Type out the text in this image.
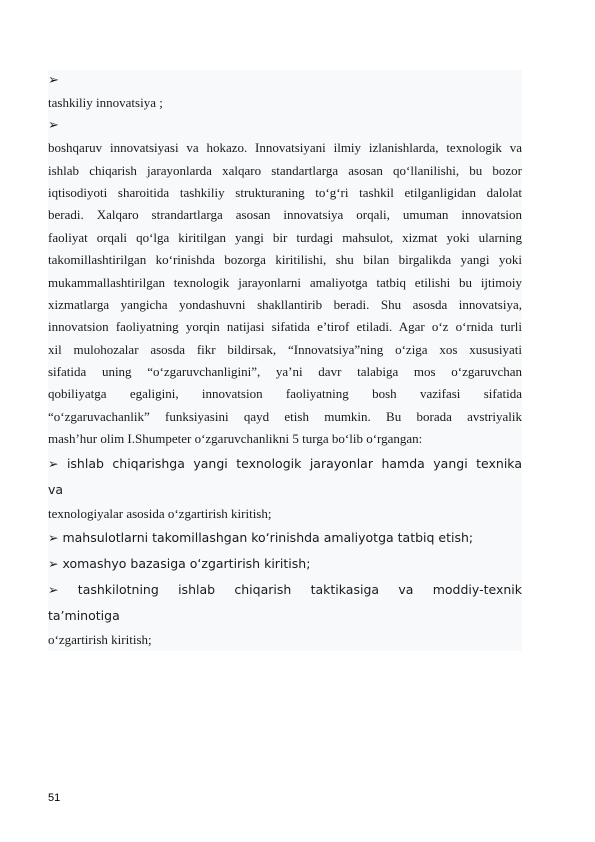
➢
tashkiliy innovatsiya ;
➢
boshqaruv innovatsiyasi va hokazo. Innovatsiyani ilmiy izlanishlarda, texnologik va
ishlab chiqarish jarayonlarda xalqaro standartlarga asosan qo‘llanilishi, bu bozor
iqtisodiyoti sharoitida tashkiliy strukturaning to‘g‘ri tashkil etilganligidan dalolat
beradi. Xalqaro strandartlarga asosan innovatsiya orqali, umuman innovatsion
faoliyat orqali qo‘lga kiritilgan yangi bir turdagi mahsulot, xizmat yoki ularning
takomillashtirilgan ko‘rinishda bozorga kiritilishi, shu bilan birgalikda yangi yoki
mukammallashtirilgan texnologik jarayonlarni amaliyotga tatbiq etilishi bu ijtimoiy
xizmatlarga yangicha yondashuvni shakllantirib beradi. Shu asosda innovatsiya,
innovatsion faoliyatning yorqin natijasi sifatida e’tirof etiladi. Agar o‘z o‘rnida turli
xil mulohozalar asosda fikr bildirsak, “Innovatsiya”ning o‘ziga xos xususiyati
sifatida uning “o‘zgaruvchanligini”, ya’ni davr talabiga mos o‘zgaruvchan
qobiliyatga egaligini, innovatsion faoliyatning bosh vazifasi sifatida
“o‘zgaruvachanlik” funksiyasini qayd etish mumkin. Bu borada avstriyalik
mash’hur olim I.Shumpeter o‘zgaruvchanlikni 5 turga bo‘lib o‘rgangan:
➢ ishlab chiqarishga yangi texnologik jarayonlar hamda yangi texnika
va
texnologiyalar asosida o‘zgartirish kiritish;
➢ mahsulotlarni takomillashgan ko‘rinishda amaliyotga tatbiq etish;
➢ xomashyo bazasiga o‘zgartirish kiritish;
➢ tashkilotning ishlab chiqarish taktikasiga va moddiy-texnik
ta’minotiga
o‘zgartirish kiritish;
51
